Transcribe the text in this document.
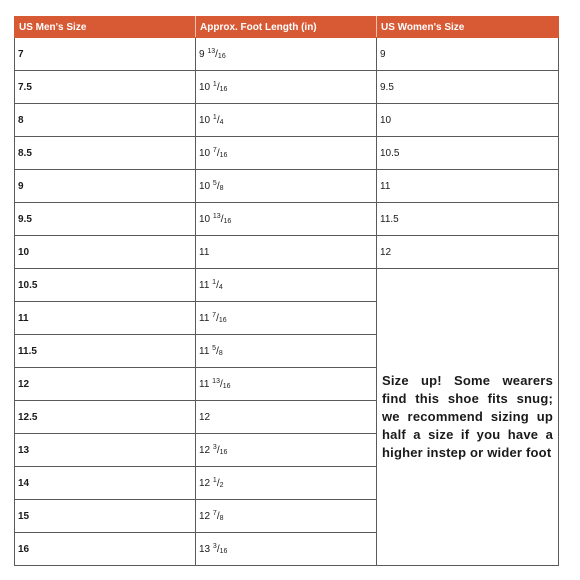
US Men's Size	Approx. Foot Length (in)	US Women's Size
7	9 $^{13}/_{16}$	9
7.5	10 $^1/_{16}$	9.5
8	10 $^1/_4$	10
8.5	10 $^7/_{16}$	10.5
9	10 $^5/_8$	11
9.5	10 $^{13}/_{16}$	11.5
10	11	12
10.5	11 $^1/_4$	Size up! Some wearers find this shoe fits snug; we recommend sizing up half a size if you have a higher instep or wider foot
11	11 $^7/_{16}$
11.5	11 $^5/_8$
12	11 $^{13}/_{16}$
12.5	12	
13	12 $^3/_{16}$
14	12 $^1/_2$
15	12 $^7/_8$
16	13 $^3/_{16}$
